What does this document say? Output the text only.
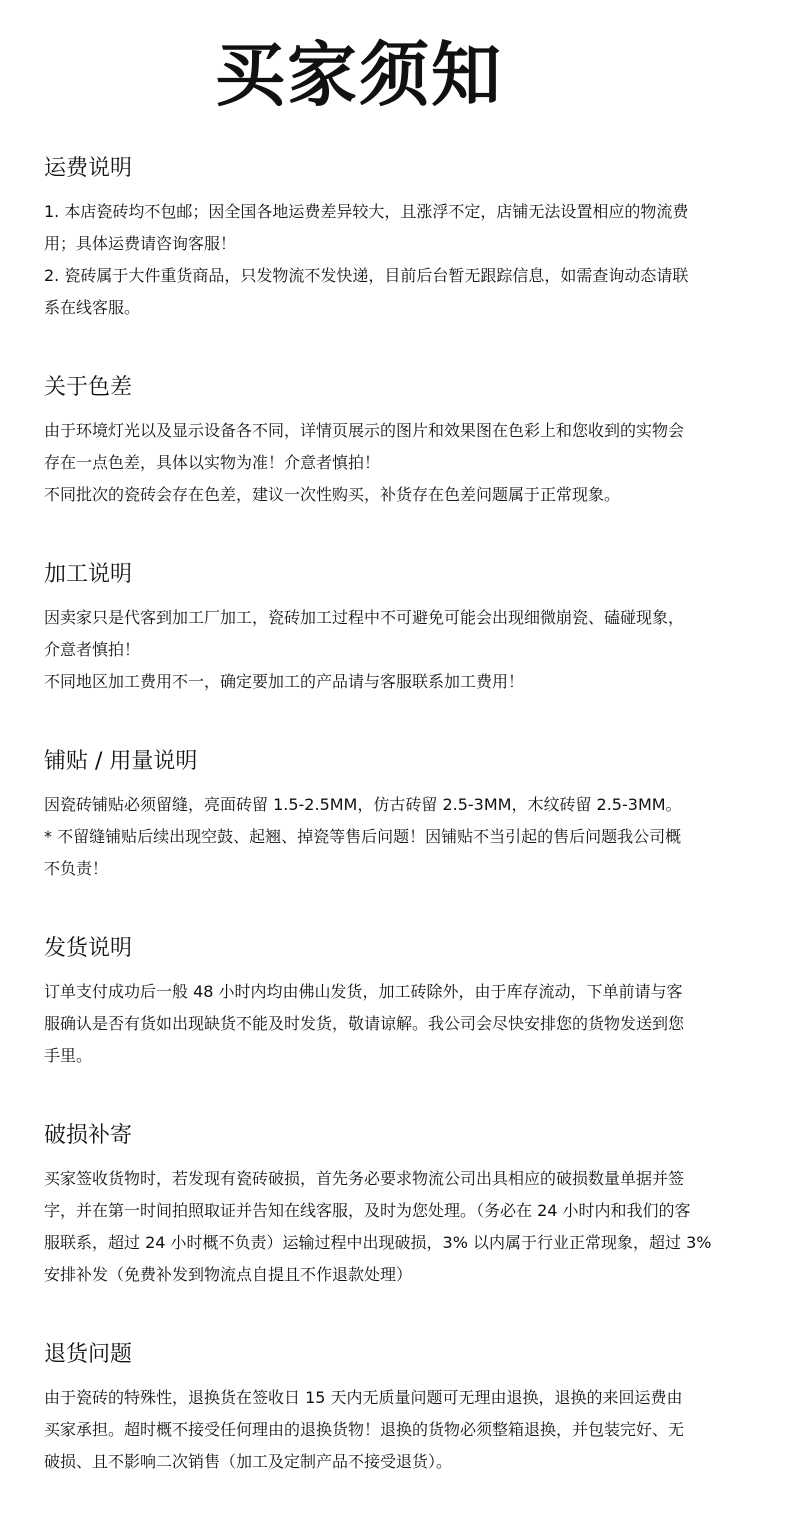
买家须知
运费说明

1. 本店瓷砖均不包邮；因全国各地运费差异较大，且涨浮不定，店铺无法设置相应的物流费

用；具体运费请咨询客服！

2. 瓷砖属于大件重货商品，只发物流不发快递，目前后台暂无跟踪信息，如需查询动态请联

系在线客服。

关于色差

由于环境灯光以及显示设备各不同，详情页展示的图片和效果图在色彩上和您收到的实物会

存在一点色差，具体以实物为准！介意者慎拍！

不同批次的瓷砖会存在色差，建议一次性购买，补货存在色差问题属于正常现象。

加工说明

因卖家只是代客到加工厂加工，瓷砖加工过程中不可避免可能会出现细微崩瓷、磕碰现象，

介意者慎拍！

不同地区加工费用不一，确定要加工的产品请与客服联系加工费用！

铺贴 / 用量说明

因瓷砖铺贴必须留缝，亮面砖留 1.5-2.5MM，仿古砖留 2.5-3MM，木纹砖留 2.5-3MM。

* 不留缝铺贴后续出现空鼓、起翘、掉瓷等售后问题！因铺贴不当引起的售后问题我公司概

不负责！

发货说明

订单支付成功后一般 48 小时内均由佛山发货，加工砖除外，由于库存流动，下单前请与客

服确认是否有货如出现缺货不能及时发货，敬请谅解。我公司会尽快安排您的货物发送到您

手里。

破损补寄

买家签收货物时，若发现有瓷砖破损，首先务必要求物流公司出具相应的破损数量单据并签

字，并在第一时间拍照取证并告知在线客服，及时为您处理。（务必在 24 小时内和我们的客

服联系，超过 24 小时概不负责）运输过程中出现破损，3% 以内属于行业正常现象，超过 3%

安排补发（免费补发到物流点自提且不作退款处理）

退货问题

由于瓷砖的特殊性，退换货在签收日 15 天内无质量问题可无理由退换，退换的来回运费由

买家承担。超时概不接受任何理由的退换货物！退换的货物必须整箱退换，并包装完好、无

破损、且不影响二次销售（加工及定制产品不接受退货）。
